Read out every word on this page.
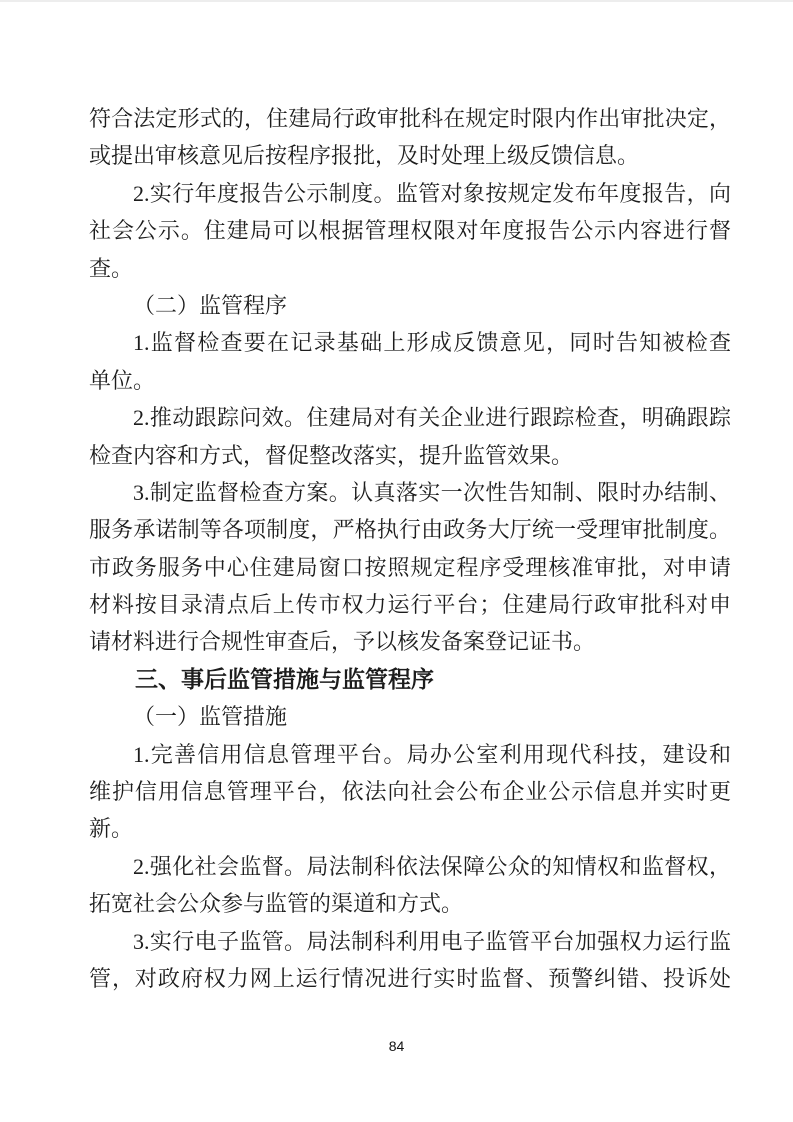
符合法定形式的，住建局行政审批科在规定时限内作出审批决定，
或提出审核意见后按程序报批，及时处理上级反馈信息。
2.实行年度报告公示制度。监管对象按规定发布年度报告，向
社会公示。住建局可以根据管理权限对年度报告公示内容进行督
查。
（二）监管程序
1.监督检查要在记录基础上形成反馈意见，同时告知被检查
单位。
2.推动跟踪问效。住建局对有关企业进行跟踪检查，明确跟踪
检查内容和方式，督促整改落实，提升监管效果。
3.制定监督检查方案。认真落实一次性告知制、限时办结制、
服务承诺制等各项制度，严格执行由政务大厅统一受理审批制度。
市政务服务中心住建局窗口按照规定程序受理核准审批，对申请
材料按目录清点后上传市权力运行平台；住建局行政审批科对申
请材料进行合规性审查后，予以核发备案登记证书。
三、事后监管措施与监管程序
（一）监管措施
1.完善信用信息管理平台。局办公室利用现代科技，建设和
维护信用信息管理平台，依法向社会公布企业公示信息并实时更
新。
2.强化社会监督。局法制科依法保障公众的知情权和监督权，
拓宽社会公众参与监管的渠道和方式。
3.实行电子监管。局法制科利用电子监管平台加强权力运行监
管，对政府权力网上运行情况进行实时监督、预警纠错、投诉处
84
